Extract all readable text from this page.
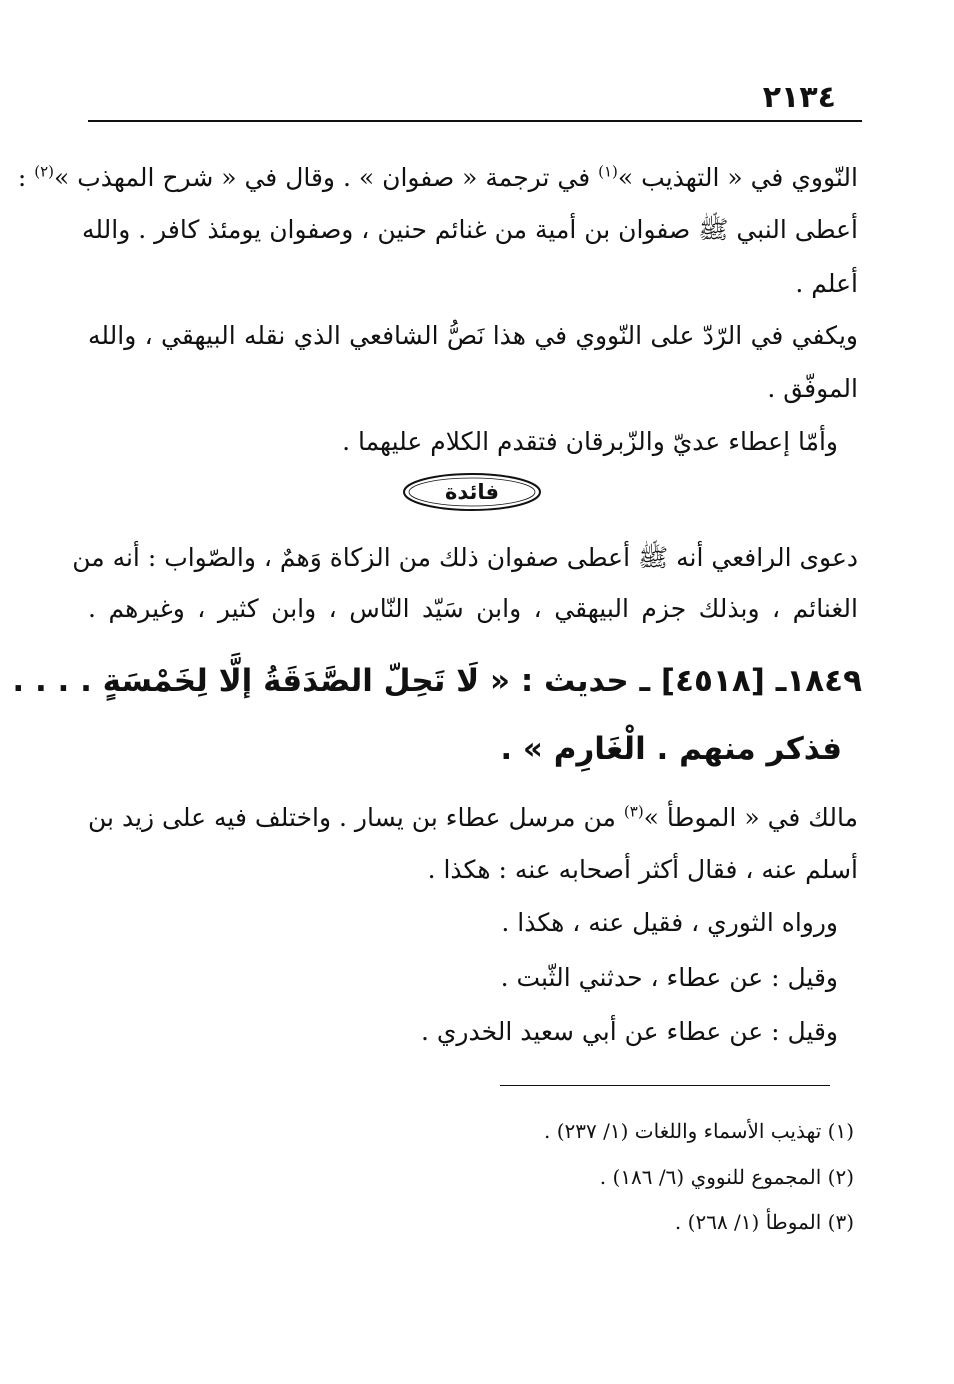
٢١٣٤
النّووي في « التهذيب »$^{(١)}$ في ترجمة « صفوان » . وقال في « شرح المهذب »$^{(٢)}$ :
أعطى النبي ﷺ صفوان بن أمية من غنائم حنين ، وصفوان يومئذ كافر . والله
أعلم .
ويكفي في الرّدّ على النّووي في هذا نَصُّ الشافعي الذي نقله البيهقي ، والله
الموفّق .
وأمّا إعطاء عديّ والزّبرقان فتقدم الكلام عليهما .
فائدة
دعوى الرافعي أنه ﷺ أعطى صفوان ذلك من الزكاة وَهمٌ ، والصّواب : أنه من
الغنائم ، وبذلك جزم البيهقي ، وابن سَيّد النّاس ، وابن كثير ، وغيرهم .
١٨٤٩ـ [٤٥١٨] ـ حديث : « لَا تَحِلّ الصَّدَقَةُ إلَّا لِخَمْسَةٍ . . . .
فذكر منهم . الْغَارِم » .
مالك في « الموطأ »$^{(٣)}$ من مرسل عطاء بن يسار . واختلف فيه على زيد بن
أسلم عنه ، فقال أكثر أصحابه عنه : هكذا .
ورواه الثوري ، فقيل عنه ، هكذا .
وقيل : عن عطاء ، حدثني الثّبت .
وقيل : عن عطاء عن أبي سعيد الخدري .
(١) تهذيب الأسماء واللغات (١/ ٢٣٧) .
(٢) المجموع للنووي (٦/ ١٨٦) .
(٣) الموطأ (١/ ٢٦٨) .
